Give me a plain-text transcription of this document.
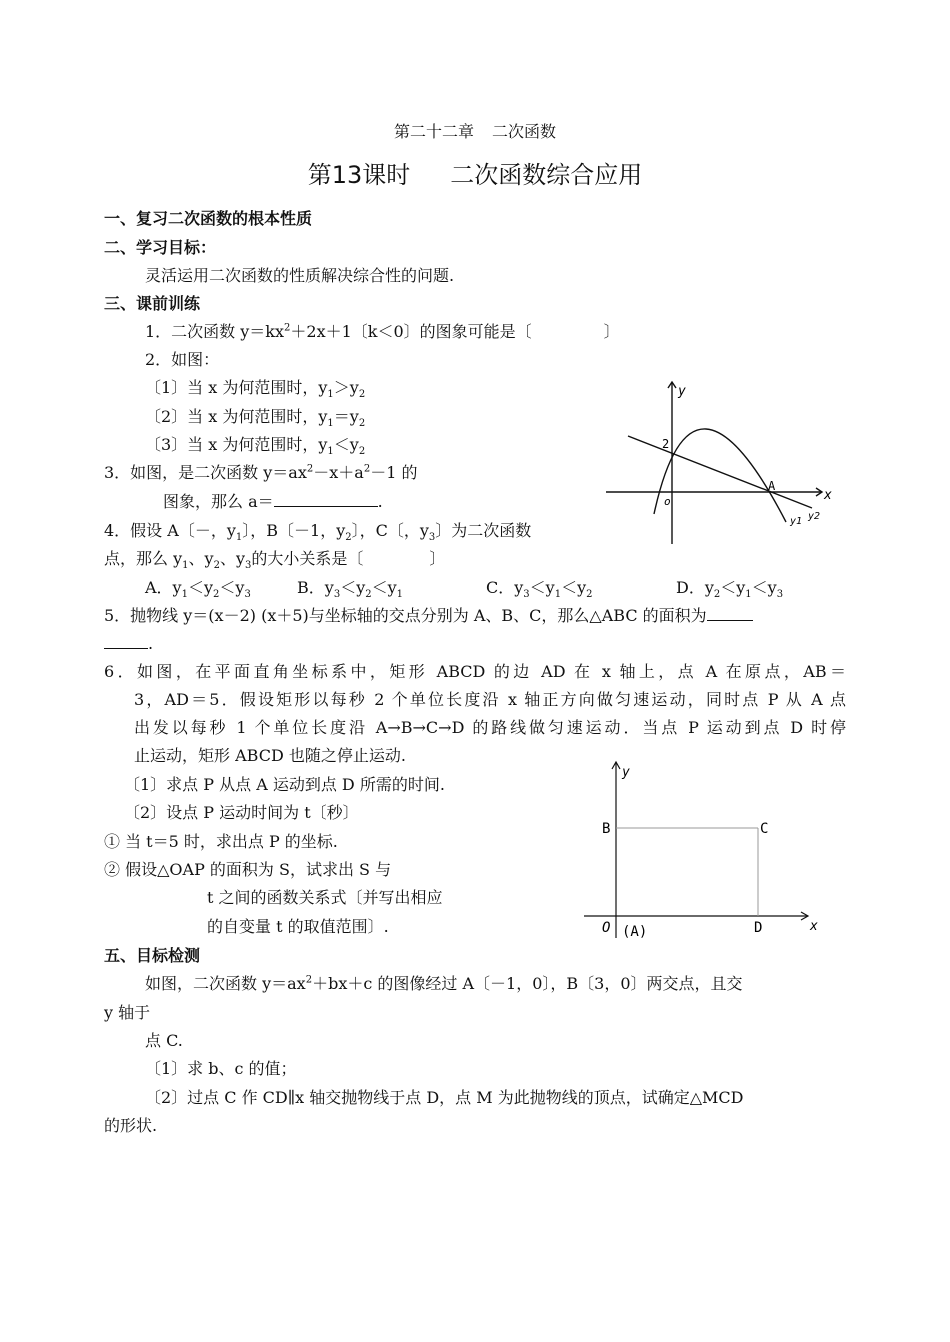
第二十二章 二次函数
第13课时 二次函数综合应用
一、复习二次函数的根本性质
二、学习目标：
灵活运用二次函数的性质解决综合性的问题.
三、课前训练
1．二次函数 $y=kx^2+2x+1$〔k＜0〕的图象可能是〔	〕
2．如图：
〔1〕当 x 为何范围时，$y_1>y_2$
〔2〕当 x 为何范围时，$y_1=y_2$
〔3〕当 x 为何范围时，$y_1<y_2$
3．如图，是二次函数 $y=ax^2-x+a^2-1$ 的
图象，那么 a＝	.
y
x
2
o
A
y1 y2
4．假设 A〔－，$y_1$〕，B〔－1，$y_2$〕，C〔，$y_3$〕为二次函数
点，那么 $y_1$、$y_2$、$y_3$的大小关系是〔	〕
A．$y_1<y_2<y_3$	B．$y_3<y_2<y_1$	C．$y_3<y_1<y_2$	D．$y_2<y_1<y_3$
5．抛物线 y＝(x－2) (x＋5)与坐标轴的交点分别为 A、B、C，那么△ABC 的面积为
.
6．如图，在平面直角坐标系中，矩形 ABCD 的边 AD 在 x 轴上，点 A 在原点，AB＝
3，AD＝5．假设矩形以每秒 2 个单位长度沿 x 轴正方向做匀速运动，同时点 P 从 A 点
出发以每秒 1 个单位长度沿 A→B→C→D 的路线做匀速运动．当点 P 运动到点 D 时停
止运动，矩形 ABCD 也随之停止运动.
〔1〕求点 P 从点 A 运动到点 D 所需的时间.
〔2〕设点 P 运动时间为 t〔秒〕
① 当 t＝5 时，求出点 P 的坐标.
② 假设△OAP 的面积为 S，试求出 S 与
t 之间的函数关系式〔并写出相应
的自变量 t 的取值范围〕.
y
x
B	C
O (A)	D
五、目标检测
如图，二次函数 $y=ax^2+bx+c$ 的图像经过 A〔－1，0〕，B〔3，0〕两交点，且交
y 轴于
点 C.
〔1〕求 b、c 的值；
〔2〕过点 C 作 CD∥x 轴交抛物线于点 D，点 M 为此抛物线的顶点，试确定△MCD
的形状.
